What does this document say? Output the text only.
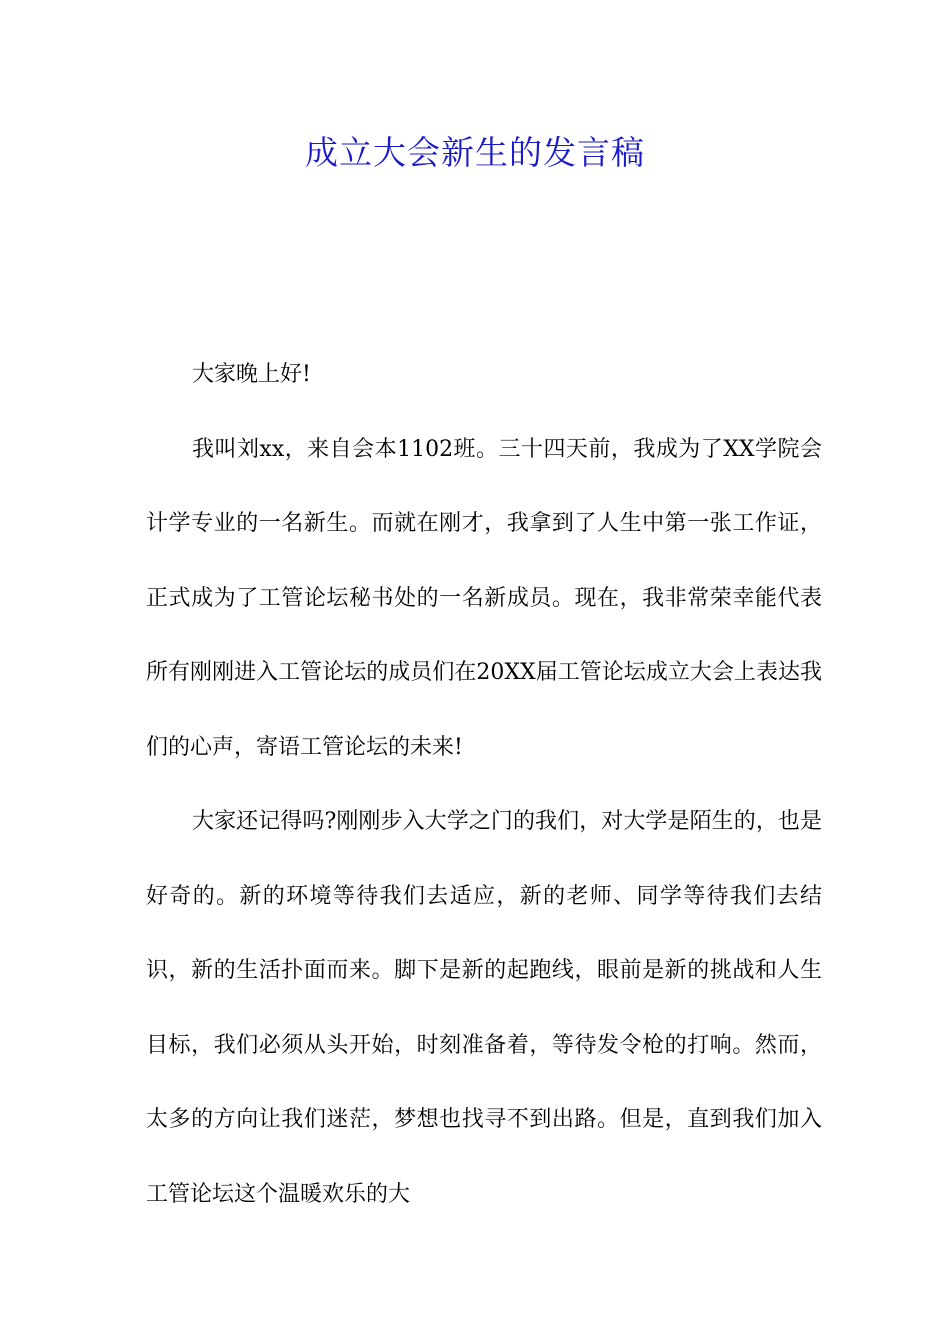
成立大会新生的发言稿

大家晚上好!

我叫刘xx，来自会本1102班。三十四天前，我成为了XX学院会计学专业的一名新生。而就在刚才，我拿到了人生中第一张工作证，正式成为了工管论坛秘书处的一名新成员。现在，我非常荣幸能代表所有刚刚进入工管论坛的成员们在20XX届工管论坛成立大会上表达我们的心声，寄语工管论坛的未来!

大家还记得吗?刚刚步入大学之门的我们，对大学是陌生的，也是好奇的。新的环境等待我们去适应，新的老师、同学等待我们去结识，新的生活扑面而来。脚下是新的起跑线，眼前是新的挑战和人生目标，我们必须从头开始，时刻准备着，等待发令枪的打响。然而，太多的方向让我们迷茫，梦想也找寻不到出路。但是，直到我们加入工管论坛这个温暖欢乐的大
